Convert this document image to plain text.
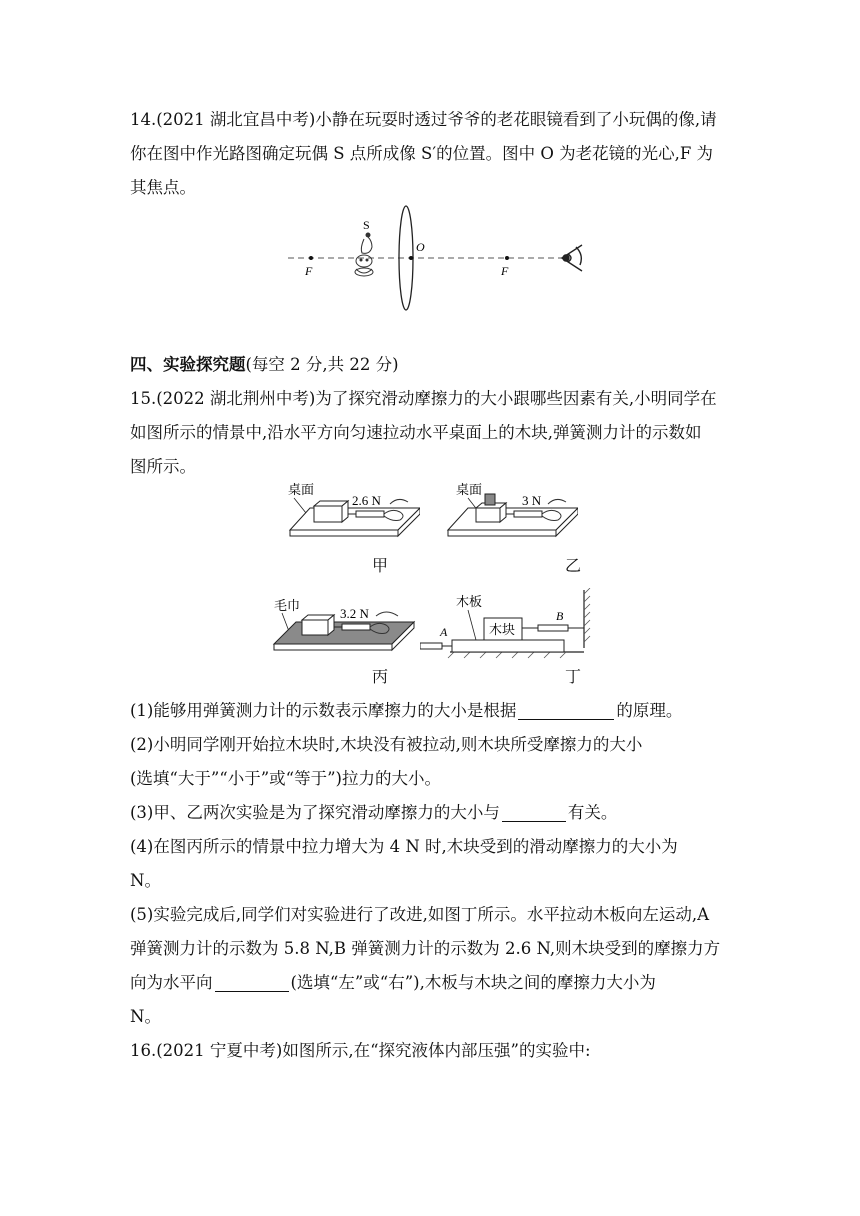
14.(2021 湖北宜昌中考)小静在玩耍时透过爷爷的老花眼镜看到了小玩偶的像,请
你在图中作光路图确定玩偶 S 点所成像 S′的位置。图中 O 为老花镜的光心,F 为
其焦点。
F
O
F
S
四、实验探究题(每空 2 分,共 22 分)
15.(2022 湖北荆州中考)为了探究滑动摩擦力的大小跟哪些因素有关,小明同学在
如图所示的情景中,沿水平方向匀速拉动水平桌面上的木块,弹簧测力计的示数如
图所示。
桌面
2.6 N
甲
桌面
3 N
乙
毛巾
3.2 N
丙
木板
木块
B
A
丁
(1)能够用弹簧测力计的示数表示摩擦力的大小是根据	的原理。
(2)小明同学刚开始拉木块时,木块没有被拉动,则木块所受摩擦力的大小
(选填“大于”“小于”或“等于”)拉力的大小。
(3)甲、乙两次实验是为了探究滑动摩擦力的大小与	有关。
(4)在图丙所示的情景中拉力增大为 4 N 时,木块受到的滑动摩擦力的大小为
N。
(5)实验完成后,同学们对实验进行了改进,如图丁所示。水平拉动木板向左运动,A
弹簧测力计的示数为 5.8 N,B 弹簧测力计的示数为 2.6 N,则木块受到的摩擦力方
向为水平向	(选填“左”或“右”),木板与木块之间的摩擦力大小为
N。
16.(2021 宁夏中考)如图所示,在“探究液体内部压强”的实验中:
